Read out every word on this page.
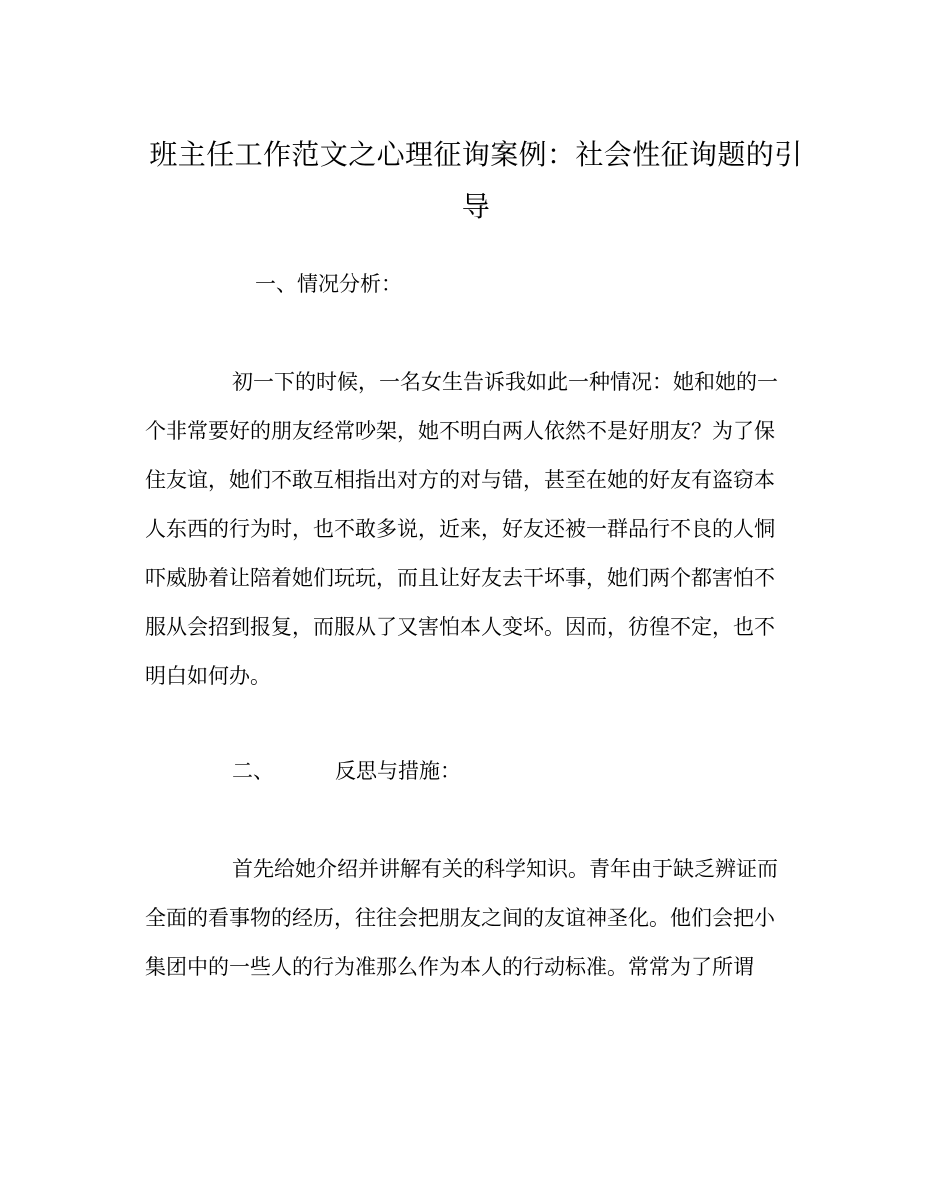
班主任工作范文之心理征询案例：社会性征询题的引导
一、情况分析：
初一下的时候，一名女生告诉我如此一种情况：她和她的一
个非常要好的朋友经常吵架，她不明白两人依然不是好朋友？为了保
住友谊，她们不敢互相指出对方的对与错，甚至在她的好友有盗窃本
人东西的行为时，也不敢多说，近来，好友还被一群品行不良的人恫
吓威胁着让陪着她们玩玩，而且让好友去干坏事，她们两个都害怕不
服从会招到报复，而服从了又害怕本人变坏。因而，彷徨不定，也不
明白如何办。
二、	反思与措施：
首先给她介绍并讲解有关的科学知识。青年由于缺乏辨证而
全面的看事物的经历，往往会把朋友之间的友谊神圣化。他们会把小
集团中的一些人的行为准那么作为本人的行动标准。常常为了所谓
